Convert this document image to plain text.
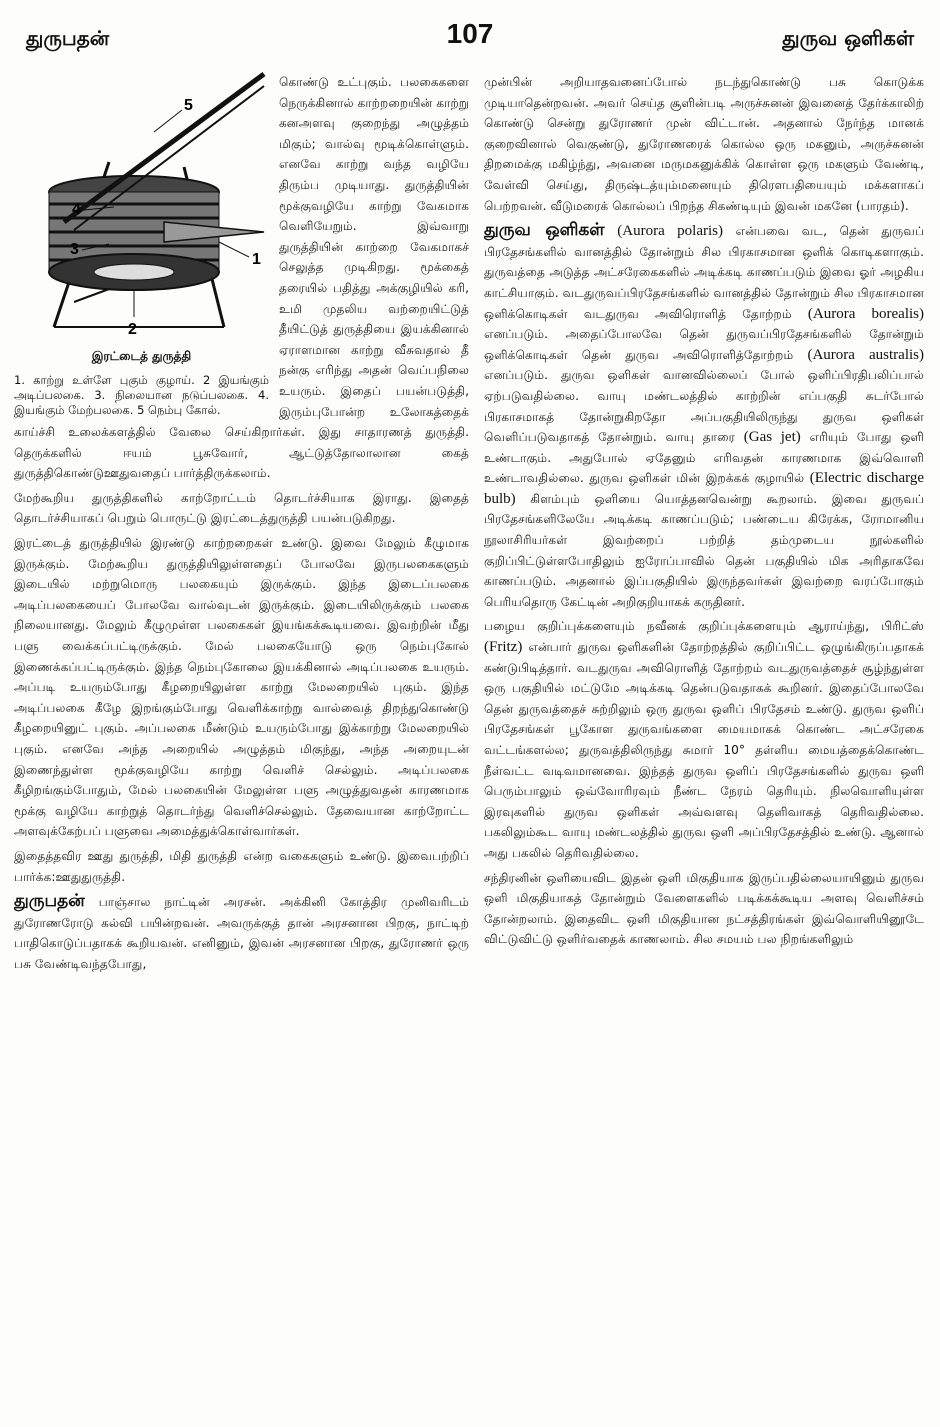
துருபதன்	107	துருவ ஒளிகள்
5
4
3
1
2
இரட்டைத் துருத்தி
1. காற்று உள்ளே புகும் குழாய். 2 இயங்கும் அடிப்பலகை. 3. நிலையான நடுப்பலகை. 4. இயங்கும் மேற்பலகை. 5 நெம்பு கோல்.

கொண்டு உட்புகும். பலகைகளை நெருக்கினால் காற்றறையின் காற்று கனஅளவு குறைந்து அழுத்தம் மிகும்; வால்வு மூடிக்கொள்ளும். எனவே காற்று வந்த வழியே திரும்ப முடியாது. துருத்தியின் மூக்குவழியே காற்று வேகமாக வெளியேறும். இவ்வாறு துருத்தியின் காற்றை வேகமாகச் செலுத்த முடிகிறது. மூக்கைத் தரையில் பதித்து அக்குழியில் கரி, உமி முதலிய வற்றையிட்டுத் தீயிட்டுத் துருத்தியை இயக்கினால் ஏராளமான காற்று வீசுவதால் தீ நன்கு எரிந்து அதன் வெப்பநிலை உயரும். இதைப் பயன்படுத்தி, இரும்புபோன்ற உலோகத்தைக் காய்ச்சி உலைக்களத்தில் வேலை செய்கிறார்கள். இது சாதாரணத் துருத்தி. தெருக்களில் ஈயம் பூசுவோர், ஆட்டுத்தோலாலான கைத் துருத்திகொண்டுஊதுவதைப் பார்த்திருக்கலாம்.

மேற்கூறிய துருத்திகளில் காற்றோட்டம் தொடர்ச்சியாக இராது. இதைத் தொடர்ச்சியாகப் பெறும் பொருட்டு இரட்டைத்துருத்தி பயன்படுகிறது.

இரட்டைத் துருத்தியில் இரண்டு காற்றறைகள் உண்டு. இவை மேலும் கீழுமாக இருக்கும். மேற்கூறிய துருத்தியிலுள்ளதைப் போலவே இருபலகைகளும் இடையில் மற்றுமொரு பலகையும் இருக்கும். இந்த இடைப்பலகை அடிப்பலகையைப் போலவே வால்வுடன் இருக்கும். இடையிலிருக்கும் பலகை நிலையானது. மேலும் கீழுமுள்ள பலகைகள் இயங்கக்கூடியவை. இவற்றின் மீது பளு வைக்கப்பட்டிருக்கும். மேல் பலகையோடு ஒரு நெம்புகோல் இணைக்கப்பட்டிருக்கும். இந்த நெம்புகோலை இயக்கினால் அடிப்பலகை உயரும். அப்படி உயரும்போது கீழறையிலுள்ள காற்று மேலறையில் புகும். இந்த அடிப்பலகை கீழே இறங்கும்போது வெளிக்காற்று வால்வைத் திறந்துகொண்டு கீழறையினுட் புகும். அப்பலகை மீண்டும் உயரும்போது இக்காற்று மேலறையில் புகும். எனவே அந்த அறையில் அழுத்தம் மிகுந்து, அந்த அறையுடன் இணைந்துள்ள மூக்குவழியே காற்று வெளிச் செல்லும். அடிப்பலகை கீழிறங்கும்போதும், மேல் பலகையின் மேலுள்ள பளு அழுத்துவதன் காரணமாக மூக்கு வழியே காற்றுத் தொடர்ந்து வெளிச்செல்லும். தேவையான காற்றோட்ட அளவுக்கேற்பப் பளுவை அமைத்துக்கொள்வார்கள்.

இதைத்தவிர ஊது துருத்தி, மிதி துருத்தி என்ற வகைகளும் உண்டு. இவைபற்றிப் பார்க்க:ஊதுதுருத்தி.

துருபதன் பாஞ்சால நாட்டின் அரசன். அக்கினி கோத்திர முனிவரிடம் துரோணரோடு கல்வி பயின்றவன். அவருக்குத் தான் அரசனான பிறகு, நாட்டிற் பாதிகொடுப்பதாகக் கூறியவன். எனினும், இவன் அரசனான பிறகு, துரோணர் ஒரு பசு வேண்டிவந்தபோது,

முன்பின் அறியாதவனைப்போல் நடந்துகொண்டு பசு கொடுக்க முடியாதென்றவன். அவர் செய்த சூளின்படி அருச்சுனன் இவனைத் தேர்க்காலிற் கொண்டு சென்று துரோணர் முன் விட்டான். அதனால் நேர்ந்த மானக் குறைவினால் வெகுண்டு, துரோணரைக் கொல்ல ஒரு மகனும், அருச்சுனன் திறமைக்கு மகிழ்ந்து, அவனை மருமகனுக்கிக் கொள்ள ஒரு மகளும் வேண்டி, வேள்வி செய்து, திருஷ்டத்யும்மனையும் திரௌபதியையும் மக்களாகப் பெற்றவன். வீடுமரைக் கொல்லப் பிறந்த சிகண்டியும் இவன் மகனே (பாரதம்).

துருவ ஒளிகள் (Aurora polaris) என்பவை வட, தென் துருவப் பிரதேசங்களில் வானத்தில் தோன்றும் சில பிரகாசமான ஒளிக் கொடிகளாகும். துருவத்தை அடுத்த அட்சரேகைகளில் அடிக்கடி காணப்படும் இவை ஓர் அழகிய காட்சியாகும். வடதுருவப்பிரதேசங்களில் வானத்தில் தோன்றும் சில பிரகாசமான ஒளிக்கொடிகள் வடதுருவ அவிரொளித் தோற்றம் (Aurora borealis) எனப்படும். அதைப்போலவே தென் துருவப்பிரதேசங்களில் தோன்றும் ஒளிக்கொடிகள் தென் துருவ அவிரொளித்தோற்றம் (Aurora australis) எனப்படும். துருவ ஒளிகள் வானவில்லைப் போல் ஒளிப்பிரதிபலிப்பால் ஏற்படுவதில்லை. வாயு மண்டலத்தில் காற்றின் எப்பகுதி சுடர்போல் பிரகாசமாகத் தோன்றுகிறதோ அப்பகுதியிலிருந்து துருவ ஒளிகள் வெளிப்படுவதாகத் தோன்றும். வாயு தாரை (Gas jet) எரியும் போது ஒளி உண்டாகும். அதுபோல் ஏதேனும் எரிவதன் காரணமாக இவ்வொளி உண்டாவதில்லை. துருவ ஒளிகள் மின் இறக்கக் குழாயில் (Electric discharge bulb) கிளம்பும் ஒளியை யொத்தனவென்று கூறலாம். இவை துருவப் பிரதேசங்களிலேயே அடிக்கடி காணப்படும்; பண்டைய கிரேக்க, ரோமானிய நூலாசிரியர்கள் இவற்றைப் பற்றித் தம்முடைய நூல்களில் குறிப்பிட்டுள்ளபோதிலும் ஐரோப்பாவில் தென் பகுதியில் மிக அரிதாகவே காணப்படும். அதனால் இப்பகுதியில் இருந்தவர்கள் இவற்றை வரப்போகும் பெரியதொரு கேட்டின் அறிகுறியாகக் கருதினர்.

பழைய குறிப்புக்களையும் நவீனக் குறிப்புக்களையும் ஆராய்ந்து, பிரிட்ஸ் (Fritz) என்பார் துருவ ஒளிகளின் தோற்றத்தில் குறிப்பிட்ட ஒழுங்கிருப்பதாகக் கண்டுபிடித்தார். வடதுருவ அவிரொளித் தோற்றம் வடதுருவத்தைச் சூழ்ந்துள்ள ஒரு பகுதியில் மட்டுமே அடிக்கடி தென்படுவதாகக் கூறினர். இதைப்போலவே தென் துருவத்தைச் சுற்றிலும் ஒரு துருவ ஒளிப் பிரதேசம் உண்டு. துருவ ஒளிப் பிரதேசங்கள் பூகோள துருவங்களை மையமாகக் கொண்ட அட்சரேகை வட்டங்களல்ல; துருவத்திலிருந்து சுமார் 10° தள்ளிய மையத்தைக்கொண்ட நீள்வட்ட வடிவமானவை. இந்தத் துருவ ஒளிப் பிரதேசங்களில் துருவ ஒளி பெரும்பாலும் ஒவ்வோரிரவும் நீண்ட நேரம் தெரியும். நிலவொளியுள்ள இரவுகளில் துருவ ஒளிகள் அவ்வளவு தெளிவாகத் தெரிவதில்லை. பகலிலும்கூட வாயு மண்டலத்தில் துருவ ஒளி அப்பிரதேசத்தில் உண்டு. ஆனால் அது பகலில் தெரிவதில்லை.

சந்திரனின் ஒளியைவிட இதன் ஒளி மிகுதியாக இருப்பதில்லையாயினும் துருவ ஒளி மிகுதியாகத் தோன்றும் வேளைகளில் படிக்கக்கூடிய அளவு வெளிச்சம் தோன்றலாம். இதைவிட ஒளி மிகுதியான நட்சத்திரங்கள் இவ்வொளியினூடே விட்டுவிட்டு ஒளிர்வதைக் காணலாம். சில சமயம் பல நிறங்களிலும்
